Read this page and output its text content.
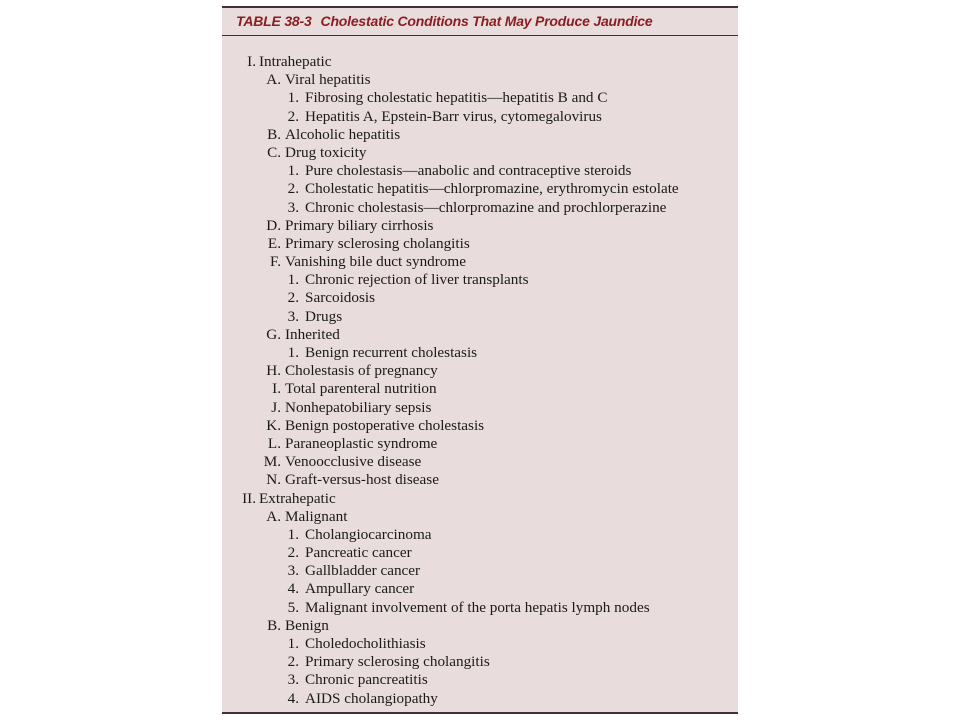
TABLE 38-3 Cholestatic Conditions That May Produce Jaundice
I. Intrahepatic
A. Viral hepatitis
1. Fibrosing cholestatic hepatitis—hepatitis B and C
2. Hepatitis A, Epstein-Barr virus, cytomegalovirus
B. Alcoholic hepatitis
C. Drug toxicity
1. Pure cholestasis—anabolic and contraceptive steroids
2. Cholestatic hepatitis—chlorpromazine, erythromycin estolate
3. Chronic cholestasis—chlorpromazine and prochlorperazine
D. Primary biliary cirrhosis
E. Primary sclerosing cholangitis
F. Vanishing bile duct syndrome
1. Chronic rejection of liver transplants
2. Sarcoidosis
3. Drugs
G. Inherited
1. Benign recurrent cholestasis
H. Cholestasis of pregnancy
I. Total parenteral nutrition
J. Nonhepatobiliary sepsis
K. Benign postoperative cholestasis
L. Paraneoplastic syndrome
M. Venoocclusive disease
N. Graft-versus-host disease
II. Extrahepatic
A. Malignant
1. Cholangiocarcinoma
2. Pancreatic cancer
3. Gallbladder cancer
4. Ampullary cancer
5. Malignant involvement of the porta hepatis lymph nodes
B. Benign
1. Choledocholithiasis
2. Primary sclerosing cholangitis
3. Chronic pancreatitis
4. AIDS cholangiopathy
